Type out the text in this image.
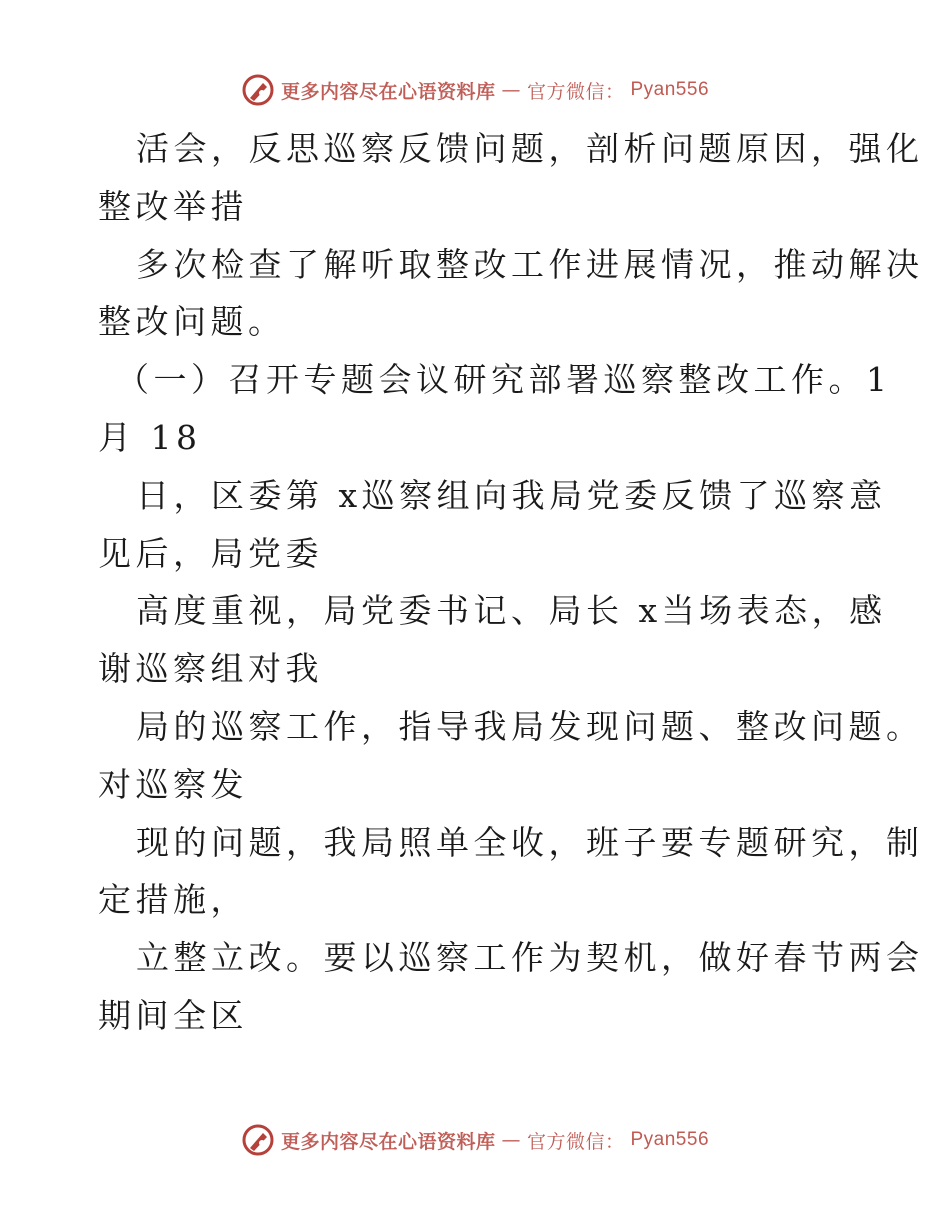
更多内容尽在心语资料库 — 官方微信： Pyan556
活会，反思巡察反馈问题，剖析问题原因，强化
整改举措
多次检查了解听取整改工作进展情况，推动解决
整改问题。
（一）召开专题会议研究部署巡察整改工作。1
月 18
日，区委第 x巡察组向我局党委反馈了巡察意
见后，局党委
高度重视，局党委书记、局长 x当场表态，感
谢巡察组对我
局的巡察工作，指导我局发现问题、整改问题。
对巡察发
现的问题，我局照单全收，班子要专题研究，制
定措施，
立整立改。要以巡察工作为契机，做好春节两会
期间全区
更多内容尽在心语资料库 — 官方微信： Pyan556
